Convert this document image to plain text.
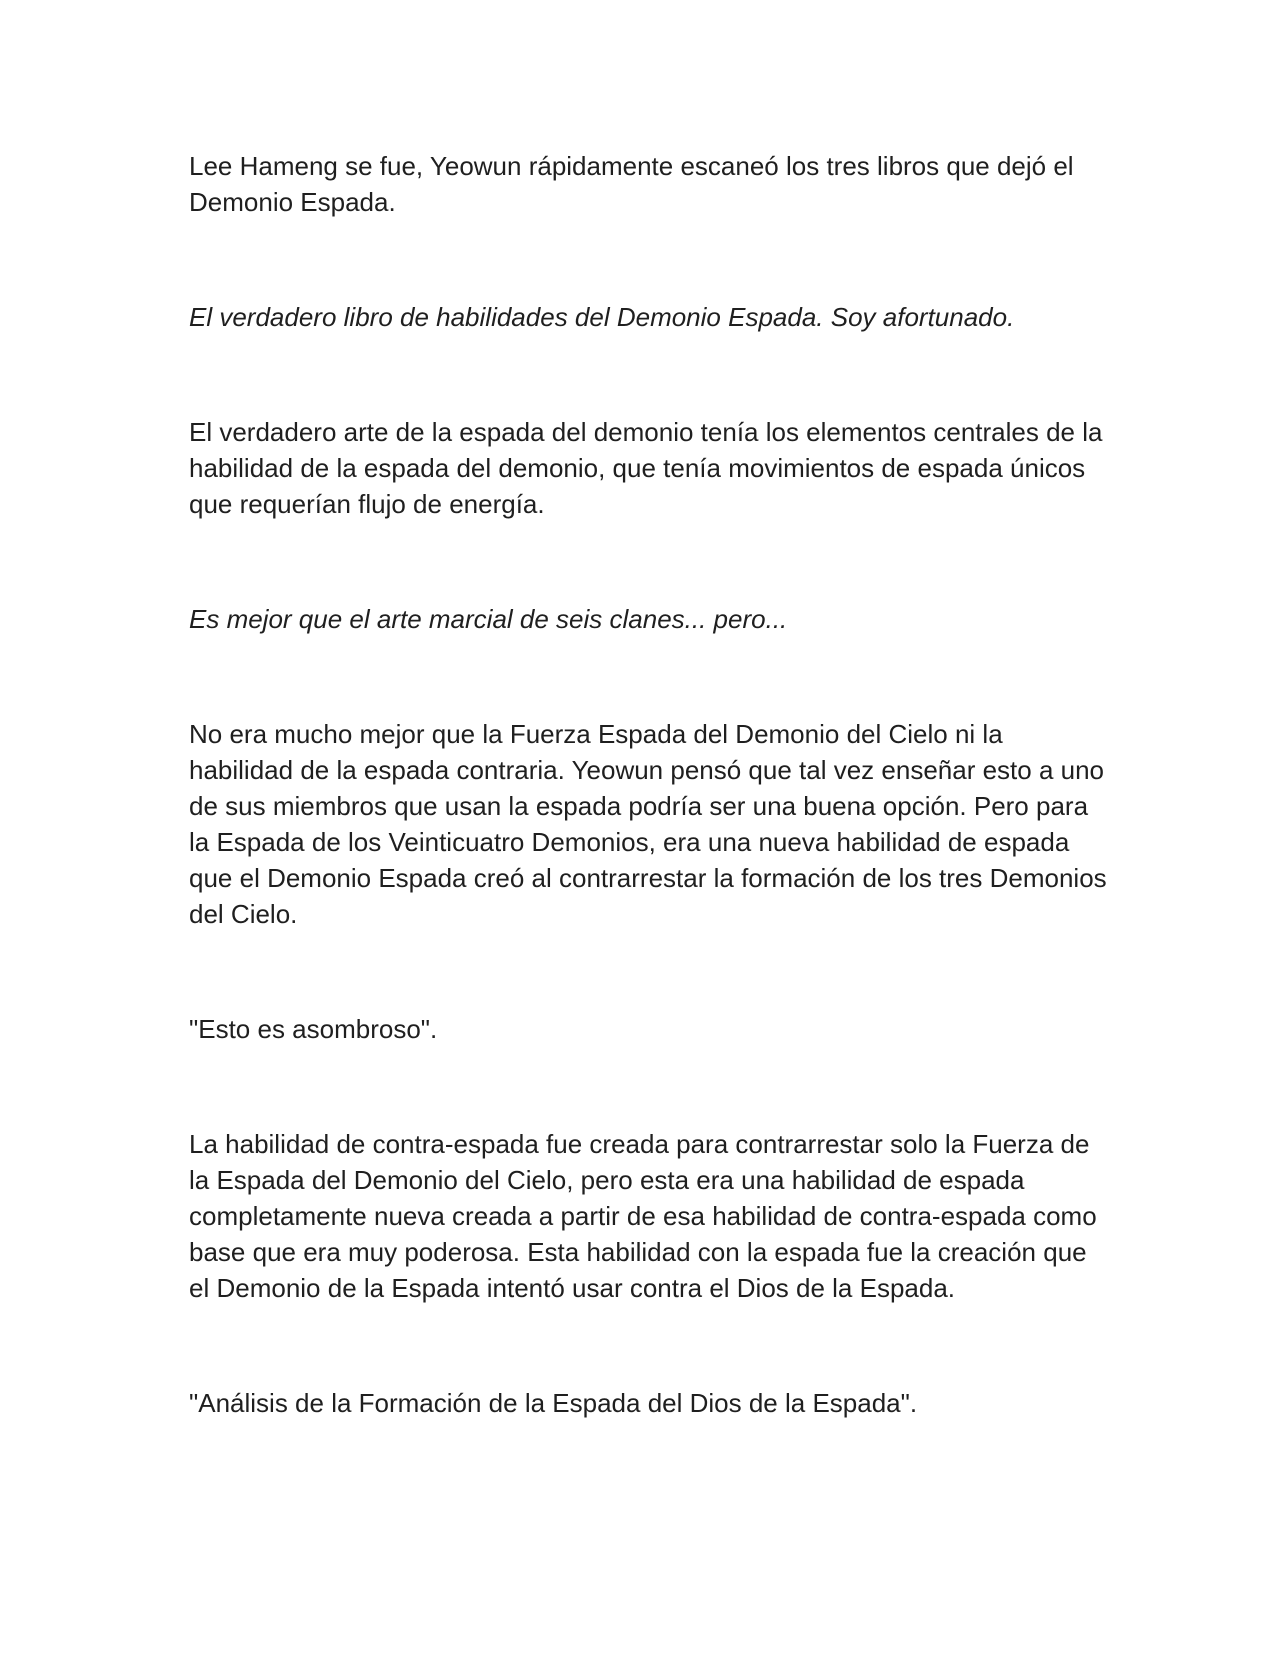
Lee Hameng se fue, Yeowun rápidamente escaneó los tres libros que dejó el Demonio Espada.

El verdadero libro de habilidades del Demonio Espada. Soy afortunado.

El verdadero arte de la espada del demonio tenía los elementos centrales de la habilidad de la espada del demonio, que tenía movimientos de espada únicos que requerían flujo de energía.

Es mejor que el arte marcial de seis clanes... pero...

No era mucho mejor que la Fuerza Espada del Demonio del Cielo ni la habilidad de la espada contraria. Yeowun pensó que tal vez enseñar esto a uno de sus miembros que usan la espada podría ser una buena opción. Pero para la Espada de los Veinticuatro Demonios, era una nueva habilidad de espada que el Demonio Espada creó al contrarrestar la formación de los tres Demonios del Cielo.

"Esto es asombroso".

La habilidad de contra-espada fue creada para contrarrestar solo la Fuerza de la Espada del Demonio del Cielo, pero esta era una habilidad de espada completamente nueva creada a partir de esa habilidad de contra-espada como base que era muy poderosa. Esta habilidad con la espada fue la creación que el Demonio de la Espada intentó usar contra el Dios de la Espada.

"Análisis de la Formación de la Espada del Dios de la Espada".
